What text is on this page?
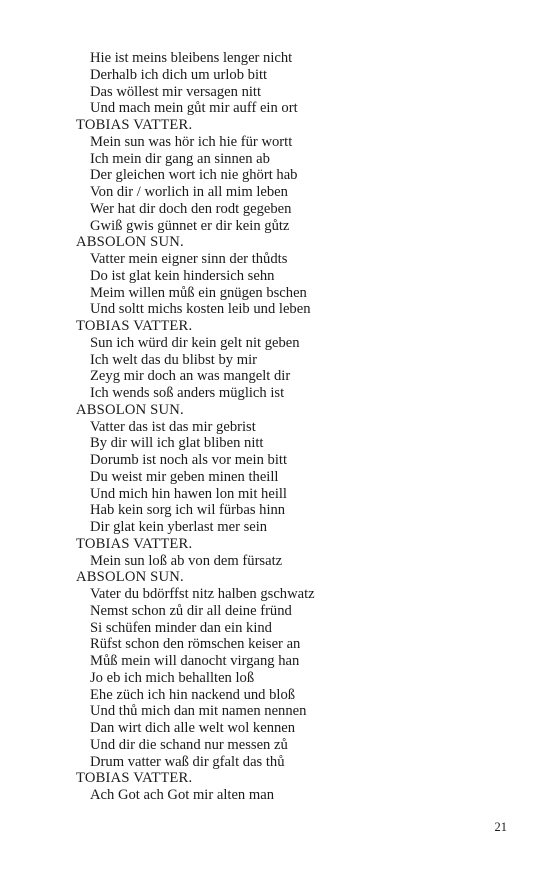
Hie ist meins bleibens lenger nicht
Derhalb ich dich um urlob bitt
Das wöllest mir versagen nitt
Und mach mein gůt mir auff ein ort
TOBIAS VATTER.
Mein sun was hör ich hie für wortt
Ich mein dir gang an sinnen ab
Der gleichen wort ich nie ghört hab
Von dir / worlich in all mim leben
Wer hat dir doch den rodt gegeben
Gwiß gwis günnet er dir kein gůtz
ABSOLON SUN.
Vatter mein eigner sinn der thůdts
Do ist glat kein hindersich sehn
Meim willen můß ein gnügen bschen
Und soltt michs kosten leib und leben
TOBIAS VATTER.
Sun ich würd dir kein gelt nit geben
Ich welt das du blibst by mir
Zeyg mir doch an was mangelt dir
Ich wends soß anders müglich ist
ABSOLON SUN.
Vatter das ist das mir gebrist
By dir will ich glat bliben nitt
Dorumb ist noch als vor mein bitt
Du weist mir geben minen theill
Und mich hin hawen lon mit heill
Hab kein sorg ich wil fürbas hinn
Dir glat kein yberlast mer sein
TOBIAS VATTER.
Mein sun loß ab von dem fürsatz
ABSOLON SUN.
Vater du bdörffst nitz halben gschwatz
Nemst schon zů dir all deine fründ
Si schüfen minder dan ein kind
Rüfst schon den römschen keiser an
Můß mein will danocht virgang han
Jo eb ich mich behallten loß
Ehe züch ich hin nackend und bloß
Und thů mich dan mit namen nennen
Dan wirt dich alle welt wol kennen
Und dir die schand nur messen zů
Drum vatter waß dir gfalt das thů
TOBIAS VATTER.
Ach Got ach Got mir alten man
21
